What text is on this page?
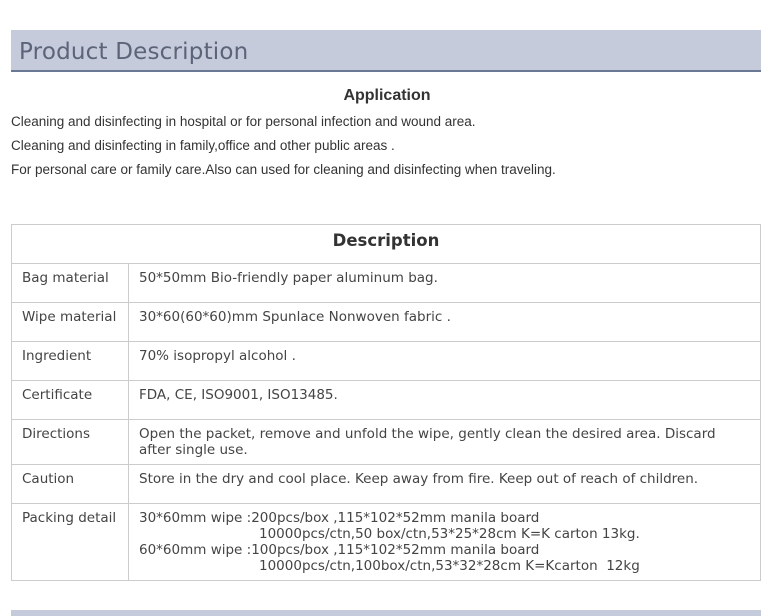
Product Description
Application
Cleaning and disinfecting in hospital or for personal infection and wound area.
Cleaning and disinfecting in family,office and other public areas .
For personal care or family care.Also can used for cleaning and disinfecting when traveling.
Description	
Bag material	50*50mm Bio-friendly paper aluminum bag.
Wipe material	30*60(60*60)mm Spunlace Nonwoven fabric .
Ingredient	70% isopropyl alcohol .
Certificate	FDA, CE, ISO9001, ISO13485.
Directions	Open the packet, remove and unfold the wipe, gently clean the desired area. Discard after single use.
Caution	Store in the dry and cool place. Keep away from fire. Keep out of reach of children.
Packing detail	30*60mm wipe :200pcs/box ,115*102*52mm manila board
10000pcs/ctn,50 box/ctn,53*25*28cm K=K carton 13kg.
60*60mm wipe :100pcs/box ,115*102*52mm manila board
10000pcs/ctn,100box/ctn,53*32*28cm K=Kcarton  12kg
